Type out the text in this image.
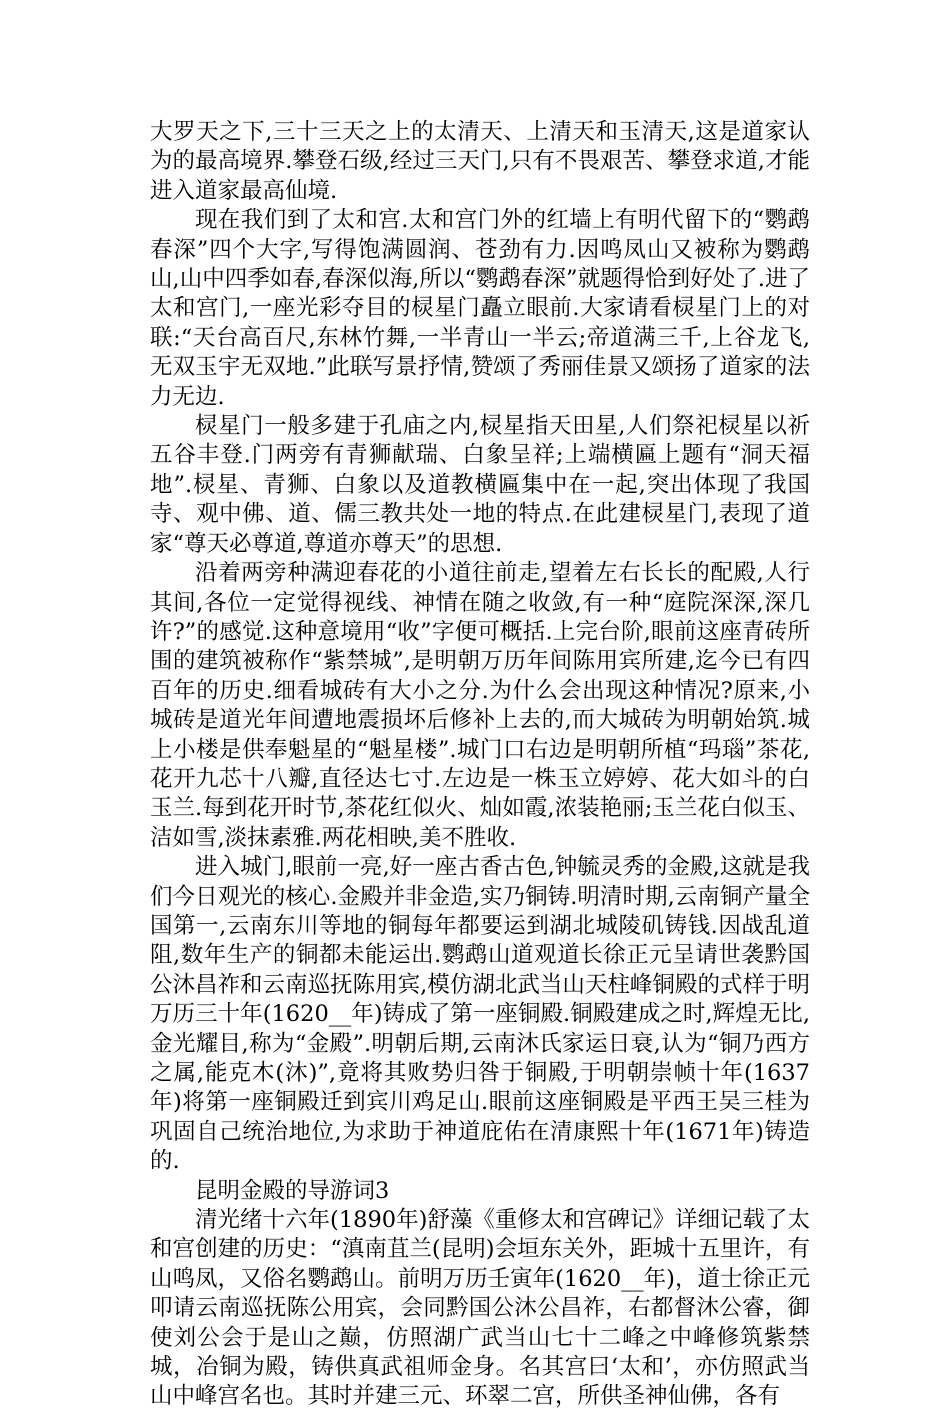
大罗天之下,三十三天之上的太清天、上清天和玉清天,这是道家认为的最高境界.攀登石级,经过三天门,只有不畏艰苦、攀登求道,才能进入道家最高仙境.

现在我们到了太和宫.太和宫门外的红墙上有明代留下的“鹦鹉春深”四个大字,写得饱满圆润、苍劲有力.因鸣凤山又被称为鹦鹉山,山中四季如春,春深似海,所以“鹦鹉春深”就题得恰到好处了.进了太和宫门,一座光彩夺目的棂星门矗立眼前.大家请看棂星门上的对联:“天台高百尺,东林竹舞,一半青山一半云;帝道满三千,上谷龙飞,无双玉宇无双地.”此联写景抒情,赞颂了秀丽佳景又颂扬了道家的法力无边.

棂星门一般多建于孔庙之内,棂星指天田星,人们祭祀棂星以祈五谷丰登.门两旁有青狮献瑞、白象呈祥;上端横匾上题有“洞天福地”.棂星、青狮、白象以及道教横匾集中在一起,突出体现了我国寺、观中佛、道、儒三教共处一地的特点.在此建棂星门,表现了道家“尊天必尊道,尊道亦尊天”的思想.

沿着两旁种满迎春花的小道往前走,望着左右长长的配殿,人行其间,各位一定觉得视线、神情在随之收敛,有一种“庭院深深,深几许?”的感觉.这种意境用“收”字便可概括.上完台阶,眼前这座青砖所围的建筑被称作“紫禁城”,是明朝万历年间陈用宾所建,迄今已有四百年的历史.细看城砖有大小之分.为什么会出现这种情况?原来,小城砖是道光年间遭地震损坏后修补上去的,而大城砖为明朝始筑.城上小楼是供奉魁星的“魁星楼”.城门口右边是明朝所植“玛瑙”茶花,花开九芯十八瓣,直径达七寸.左边是一株玉立婷婷、花大如斗的白玉兰.每到花开时节,茶花红似火、灿如霞,浓装艳丽;玉兰花白似玉、洁如雪,淡抹素雅.两花相映,美不胜收.

进入城门,眼前一亮,好一座古香古色,钟毓灵秀的金殿,这就是我们今日观光的核心.金殿并非金造,实乃铜铸.明清时期,云南铜产量全国第一,云南东川等地的铜每年都要运到湖北城陵矶铸钱.因战乱道阻,数年生产的铜都未能运出.鹦鹉山道观道长徐正元呈请世袭黔国公沐昌祚和云南巡抚陈用宾,模仿湖北武当山天柱峰铜殿的式样于明万历三十年(1620__年)铸成了第一座铜殿.铜殿建成之时,辉煌无比,金光耀目,称为“金殿”.明朝后期,云南沐氏家运日衰,认为“铜乃西方之属,能克木(沐)”,竟将其败势归咎于铜殿,于明朝崇帧十年(1637年)将第一座铜殿迁到宾川鸡足山.眼前这座铜殿是平西王吴三桂为巩固自己统治地位,为求助于神道庇佑在清康熙十年(1671年)铸造的.

昆明金殿的导游词3

清光绪十六年(1890年)舒藻《重修太和宫碑记》详细记载了太和宫创建的历史：“滇南苴兰(昆明)会垣东关外，距城十五里许，有山鸣凤，又俗名鹦鹉山。前明万历壬寅年(1620__年)，道士徐正元叩请云南巡抚陈公用宾，会同黔国公沐公昌祚，右都督沐公睿，御使刘公会于是山之巅，仿照湖广武当山七十二峰之中峰修筑紫禁城，冶铜为殿，铸供真武祖师金身。名其宫曰‘太和’，亦仿照武当山中峰宫名也。其时并建三元、环翠二宫，所供圣神仙佛，各有
